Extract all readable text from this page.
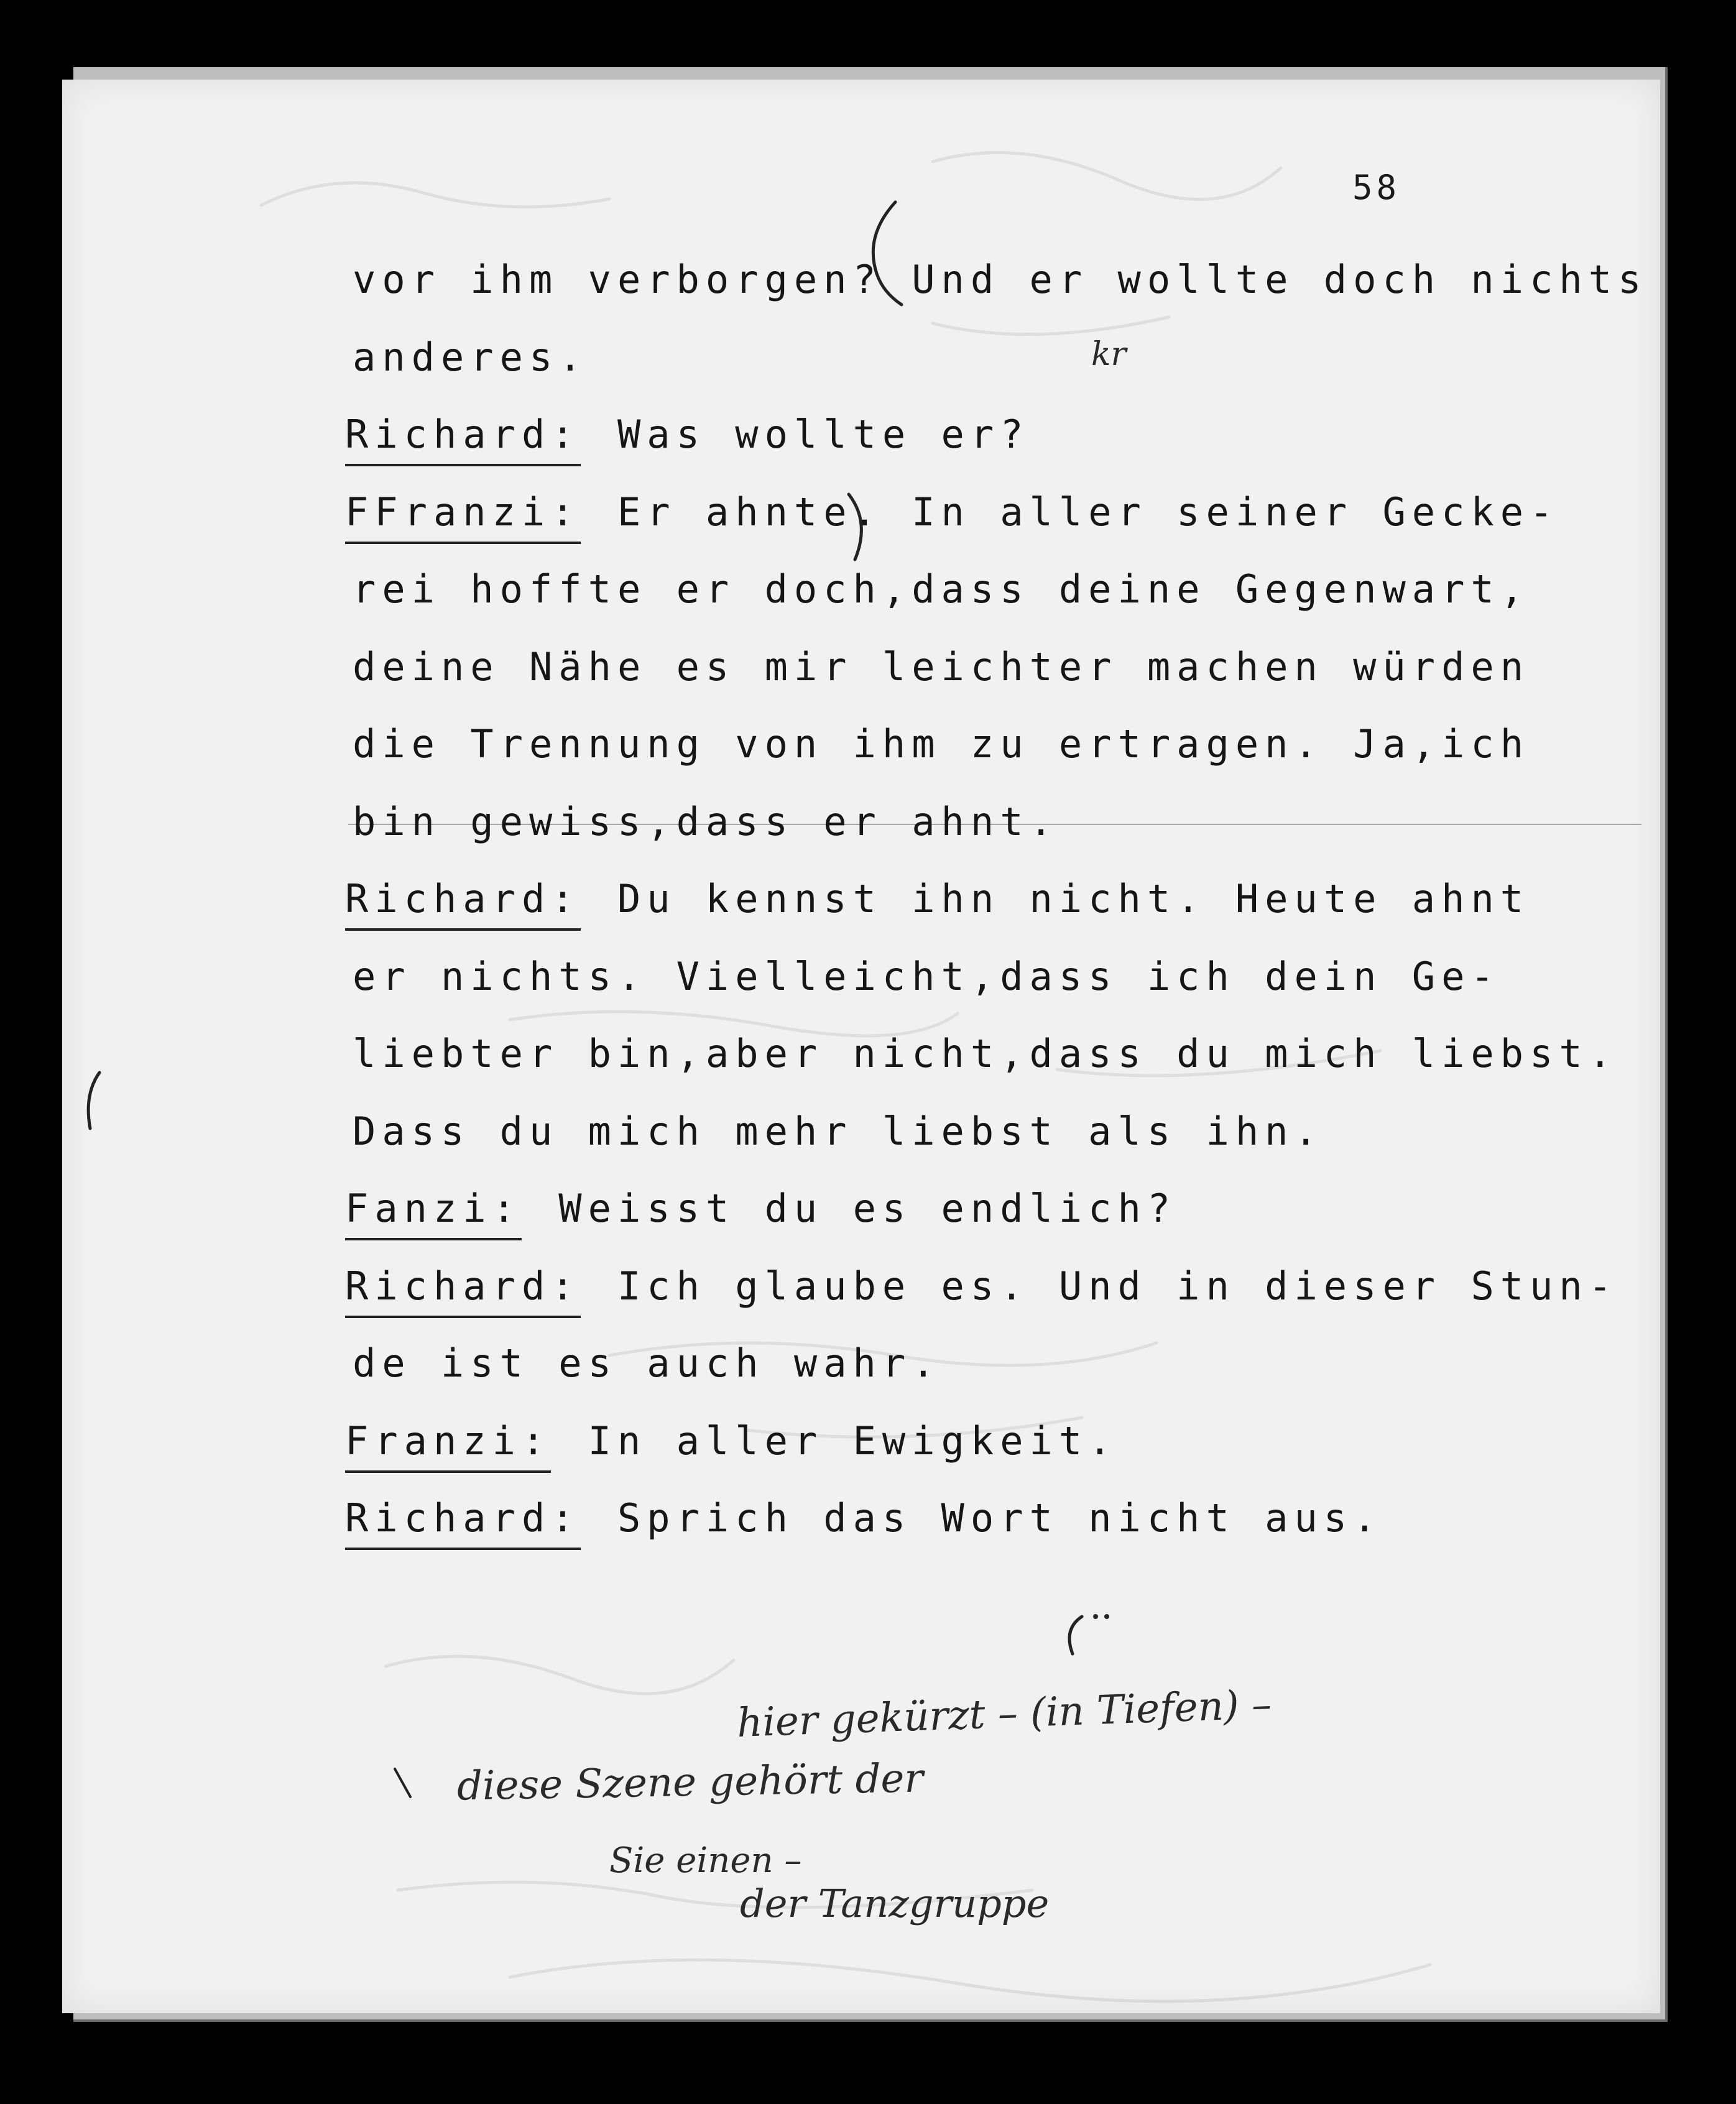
58
vor ihm verborgen? Und er wollte doch nichts
anderes.
Richard: Was wollte er?
FFranzi: Er ahnte. In aller seiner Gecke-
rei hoffte er doch,dass deine Gegenwart,
deine Nähe es mir leichter machen würden
die Trennung von ihm zu ertragen. Ja,ich
bin gewiss,dass er ahnt.
Richard: Du kennst ihn nicht. Heute ahnt
er nichts. Vielleicht,dass ich dein Ge-
liebter bin,aber nicht,dass du mich liebst.
Dass du mich mehr liebst als ihn.
Fanzi: Weisst du es endlich?
Richard: Ich glaube es. Und in dieser Stun-
de ist es auch wahr.
Franzi: In aller Ewigkeit.
Richard: Sprich das Wort nicht aus.
kr
hier gekürzt – (in Tiefen) –
diese Szene gehört der
Sie einen –
der Tanzgruppe
